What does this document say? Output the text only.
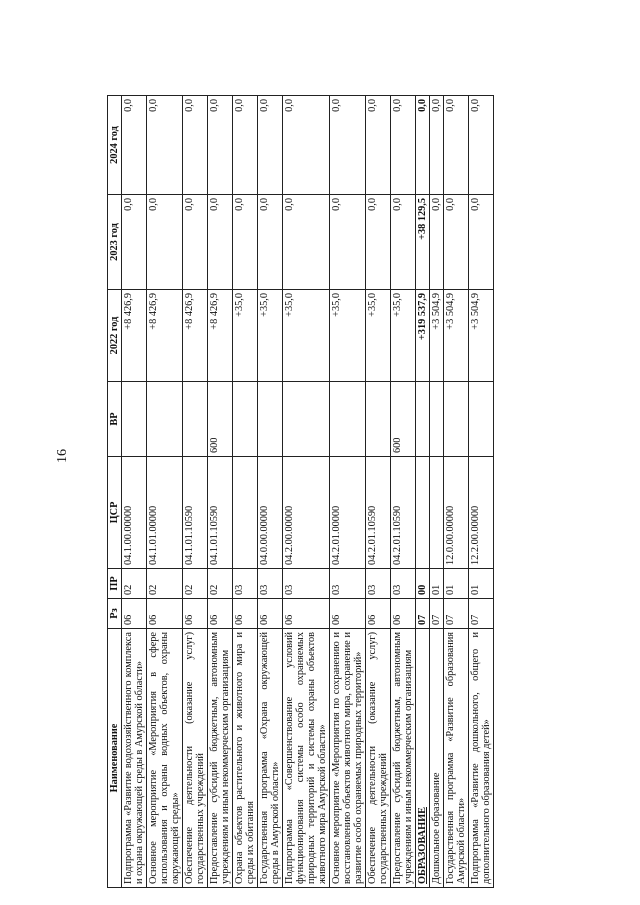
16
Наименование	Рз	ПР	ЦСР	ВР	2022 год	2023 год	2024 год
Подпрограмма «Развитие водохозяйственного комплекса и охрана окружающей среды в Амурской области»	06	02	04.1.00.00000		+8 426,9	0,0	0,0
Основное мероприятие «Мероприятия в сфере использования и охраны водных объектов, охраны окружающей среды»	06	02	04.1.01.00000		+8 426,9	0,0	0,0
Обеспечение деятельности (оказание услуг) государственных учреждений	06	02	04.1.01.10590		+8 426,9	0,0	0,0
Предоставление субсидий бюджетным, автономным учреждениям и иным некоммерческим организациям	06	02	04.1.01.10590	600	+8 426,9	0,0	0,0
Охрана объектов растительного и животного мира и среды их обитания	06	03			+35,0	0,0	0,0
Государственная программа «Охрана окружающей среды в Амурской области»	06	03	04.0.00.00000		+35,0	0,0	0,0
Подпрограмма «Совершенствование условий функционирования системы особо охраняемых природных территорий и системы охраны объектов животного мира Амурской области»	06	03	04.2.00.00000		+35,0	0,0	0,0
Основное мероприятие «Мероприятия по сохранению и восстановлению объектов животного мира, сохранение и развитие особо охраняемых природных территорий»	06	03	04.2.01.00000		+35,0	0,0	0,0
Обеспечение деятельности (оказание услуг) государственных учреждений	06	03	04.2.01.10590		+35,0	0,0	0,0
Предоставление субсидий бюджетным, автономным учреждениям и иным некоммерческим организациям	06	03	04.2.01.10590	600	+35,0	0,0	0,0
ОБРАЗОВАНИЕ	07	00			+319 537,9	+38 129,5	0,0
Дошкольное образование	07	01			+3 504,9	0,0	0,0
Государственная программа «Развитие образования Амурской области»	07	01	12.0.00.00000		+3 504,9	0,0	0,0
Подпрограмма «Развитие дошкольного, общего и дополнительного образования детей»	07	01	12.2.00.00000		+3 504,9	0,0	0,0
